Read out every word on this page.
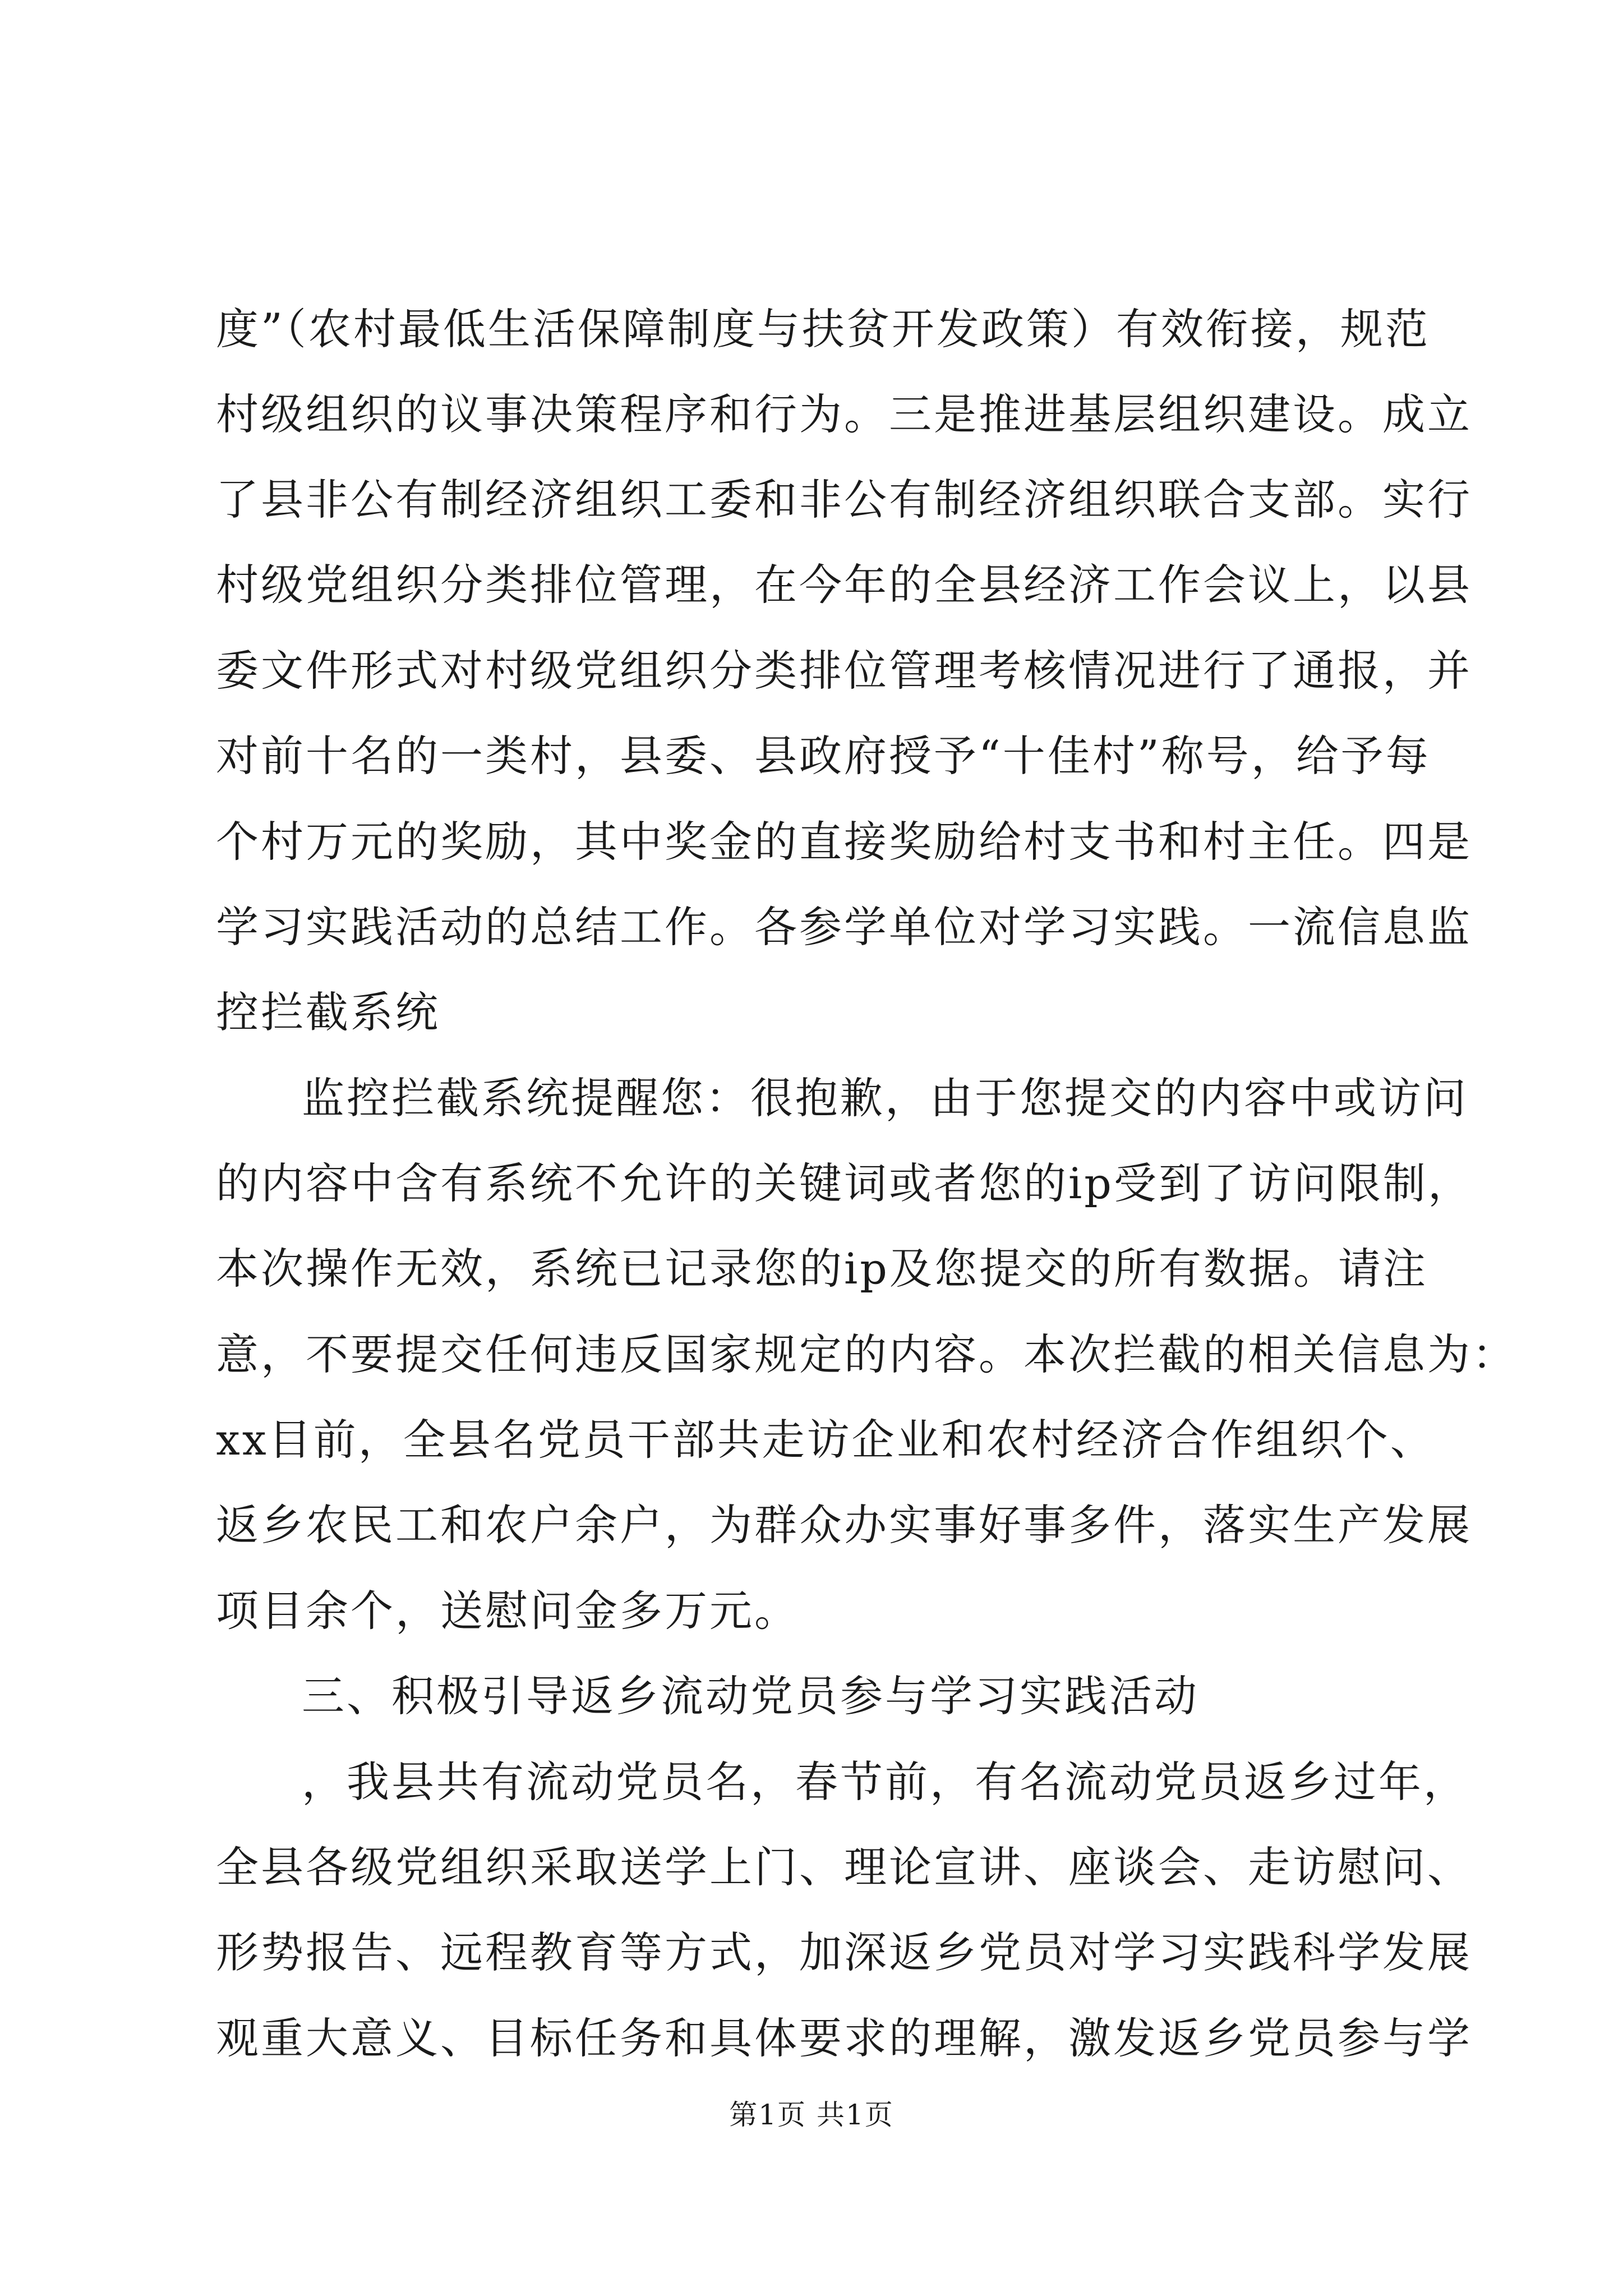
度”（农村最低生活保障制度与扶贫开发政策）有效衔接，规范
村级组织的议事决策程序和行为。三是推进基层组织建设。成立
了县非公有制经济组织工委和非公有制经济组织联合支部。实行
村级党组织分类排位管理，在今年的全县经济工作会议上，以县
委文件形式对村级党组织分类排位管理考核情况进行了通报，并
对前十名的一类村，县委、县政府授予“十佳村”称号，给予每
个村万元的奖励，其中奖金的直接奖励给村支书和村主任。四是
学习实践活动的总结工作。各参学单位对学习实践。一流信息监
控拦截系统
监控拦截系统提醒您：很抱歉，由于您提交的内容中或访问
的内容中含有系统不允许的关键词或者您的ip受到了访问限制，
本次操作无效，系统已记录您的ip及您提交的所有数据。请注
意，不要提交任何违反国家规定的内容。本次拦截的相关信息为：
xx目前，全县名党员干部共走访企业和农村经济合作组织个、
返乡农民工和农户余户，为群众办实事好事多件，落实生产发展
项目余个，送慰问金多万元。
三、积极引导返乡流动党员参与学习实践活动
，我县共有流动党员名，春节前，有名流动党员返乡过年，
全县各级党组织采取送学上门、理论宣讲、座谈会、走访慰问、
形势报告、远程教育等方式，加深返乡党员对学习实践科学发展
观重大意义、目标任务和具体要求的理解，激发返乡党员参与学
第1页 共1页
